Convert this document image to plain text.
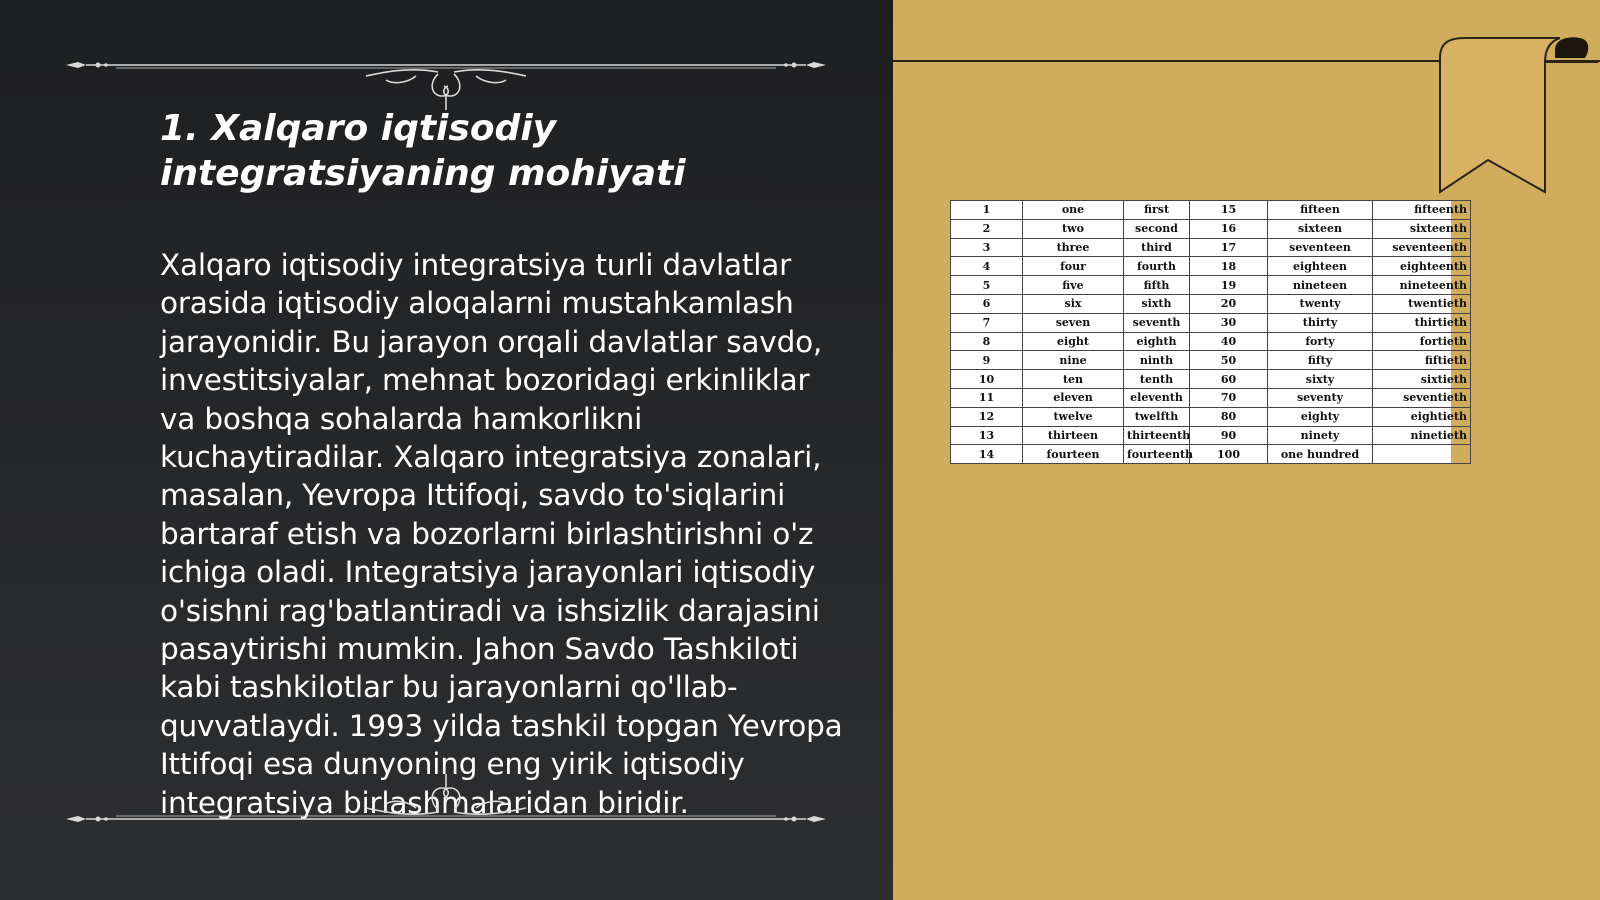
1. Xalqaro iqtisodiy integratsiyaning mohiyati

Xalqaro iqtisodiy integratsiya turli davlatlar orasida iqtisodiy aloqalarni mustahkamlash jarayonidir. Bu jarayon orqali davlatlar savdo, investitsiyalar, mehnat bozoridagi erkinliklar va boshqa sohalarda hamkorlikni kuchaytiradilar. Xalqaro integratsiya zonalari, masalan, Yevropa Ittifoqi, savdo to'siqlarini bartaraf etish va bozorlarni birlashtirishni o'z ichiga oladi. Integratsiya jarayonlari iqtisodiy o'sishni rag'batlantiradi va ishsizlik darajasini pasaytirishi mumkin. Jahon Savdo Tashkiloti kabi tashkilotlar bu jarayonlarni qo'llab-quvvatlaydi. 1993 yilda tashkil topgan Yevropa Ittifoqi esa dunyoning eng yirik iqtisodiy integratsiya birlashmalaridan biridir.

1	one	first	15	fifteen	fifteenth
2	two	second	16	sixteen	sixteenth
3	three	third	17	seventeen	seventeenth
4	four	fourth	18	eighteen	eighteenth
5	five	fifth	19	nineteen	nineteenth
6	six	sixth	20	twenty	twentieth
7	seven	seventh	30	thirty	thirtieth
8	eight	eighth	40	forty	fortieth
9	nine	ninth	50	fifty	fiftieth
10	ten	tenth	60	sixty	sixtieth
11	eleven	eleventh	70	seventy	seventieth
12	twelve	twelfth	80	eighty	eightieth
13	thirteen	thirteenth	90	ninety	ninetieth
14	fourteen	fourteenth	100	one hundred	
